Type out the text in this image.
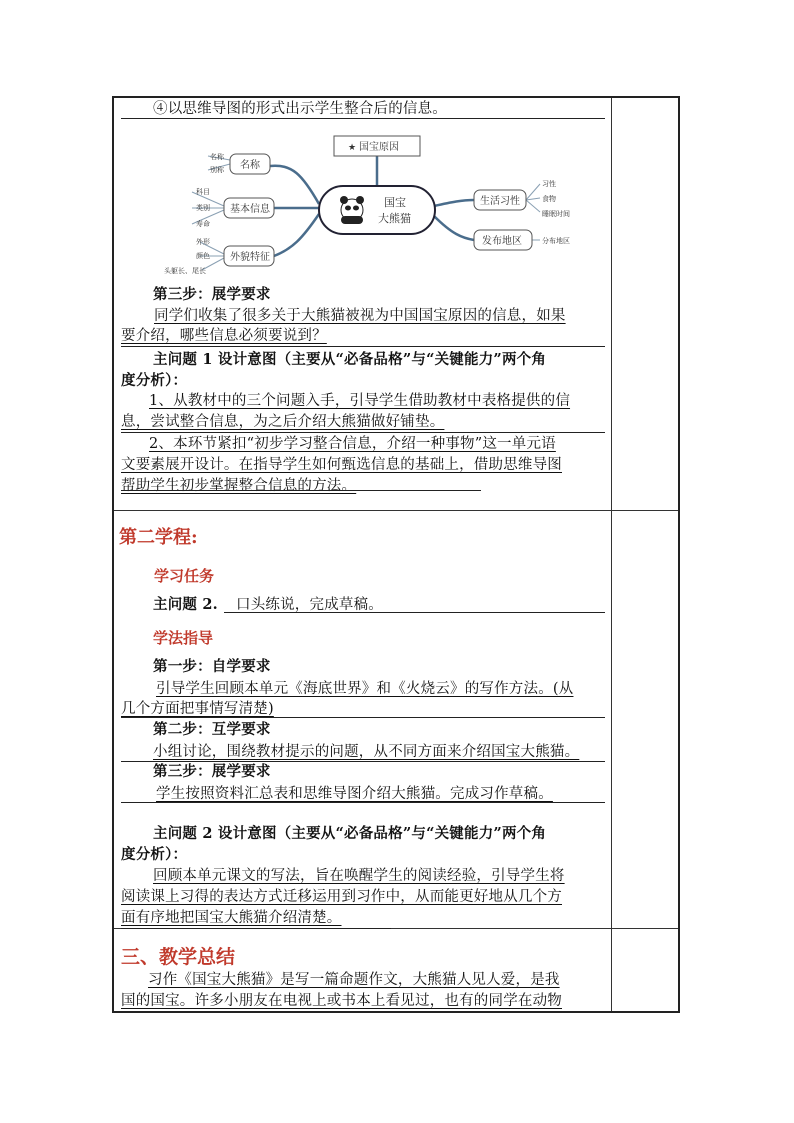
④以思维导图的形式出示学生整合后的信息。
★ 国宝原因
国宝
大熊猫
名称
基本信息
外貌特征
名称
别称
科目
类别
寿命
外形
颜色
头躯长、尾长
生活习性
发布地区
习性
食物
睡眠时间
分布地区
第三步：展学要求
同学们收集了很多关于大熊猫被视为中国国宝原因的信息，如果
要介绍，哪些信息必须要说到？
主问题 1 设计意图（主要从“必备品格”与“关键能力”两个角
度分析）：
1、从教材中的三个问题入手，引导学生借助教材中表格提供的信
息，尝试整合信息，为之后介绍大熊猫做好铺垫。
2、本环节紧扣“初步学习整合信息，介绍一种事物”这一单元语
文要素展开设计。在指导学生如何甄选信息的基础上，借助思维导图
帮助学生初步掌握整合信息的方法。
第二学程:
学习任务
主问题 2. 口头练说，完成草稿。
学法指导
第一步：自学要求
引导学生回顾本单元《海底世界》和《火烧云》的写作方法。(从
几个方面把事情写清楚)
第二步：互学要求
小组讨论，围绕教材提示的问题，从不同方面来介绍国宝大熊猫。
第三步：展学要求
学生按照资料汇总表和思维导图介绍大熊猫。完成习作草稿。
主问题 2 设计意图（主要从“必备品格”与“关键能力”两个角
度分析）：
回顾本单元课文的写法，旨在唤醒学生的阅读经验，引导学生将
阅读课上习得的表达方式迁移运用到习作中，从而能更好地从几个方
面有序地把国宝大熊猫介绍清楚。
三、教学总结
习作《国宝大熊猫》是写一篇命题作文，大熊猫人见人爱，是我
国的国宝。许多小朋友在电视上或书本上看见过，也有的同学在动物
